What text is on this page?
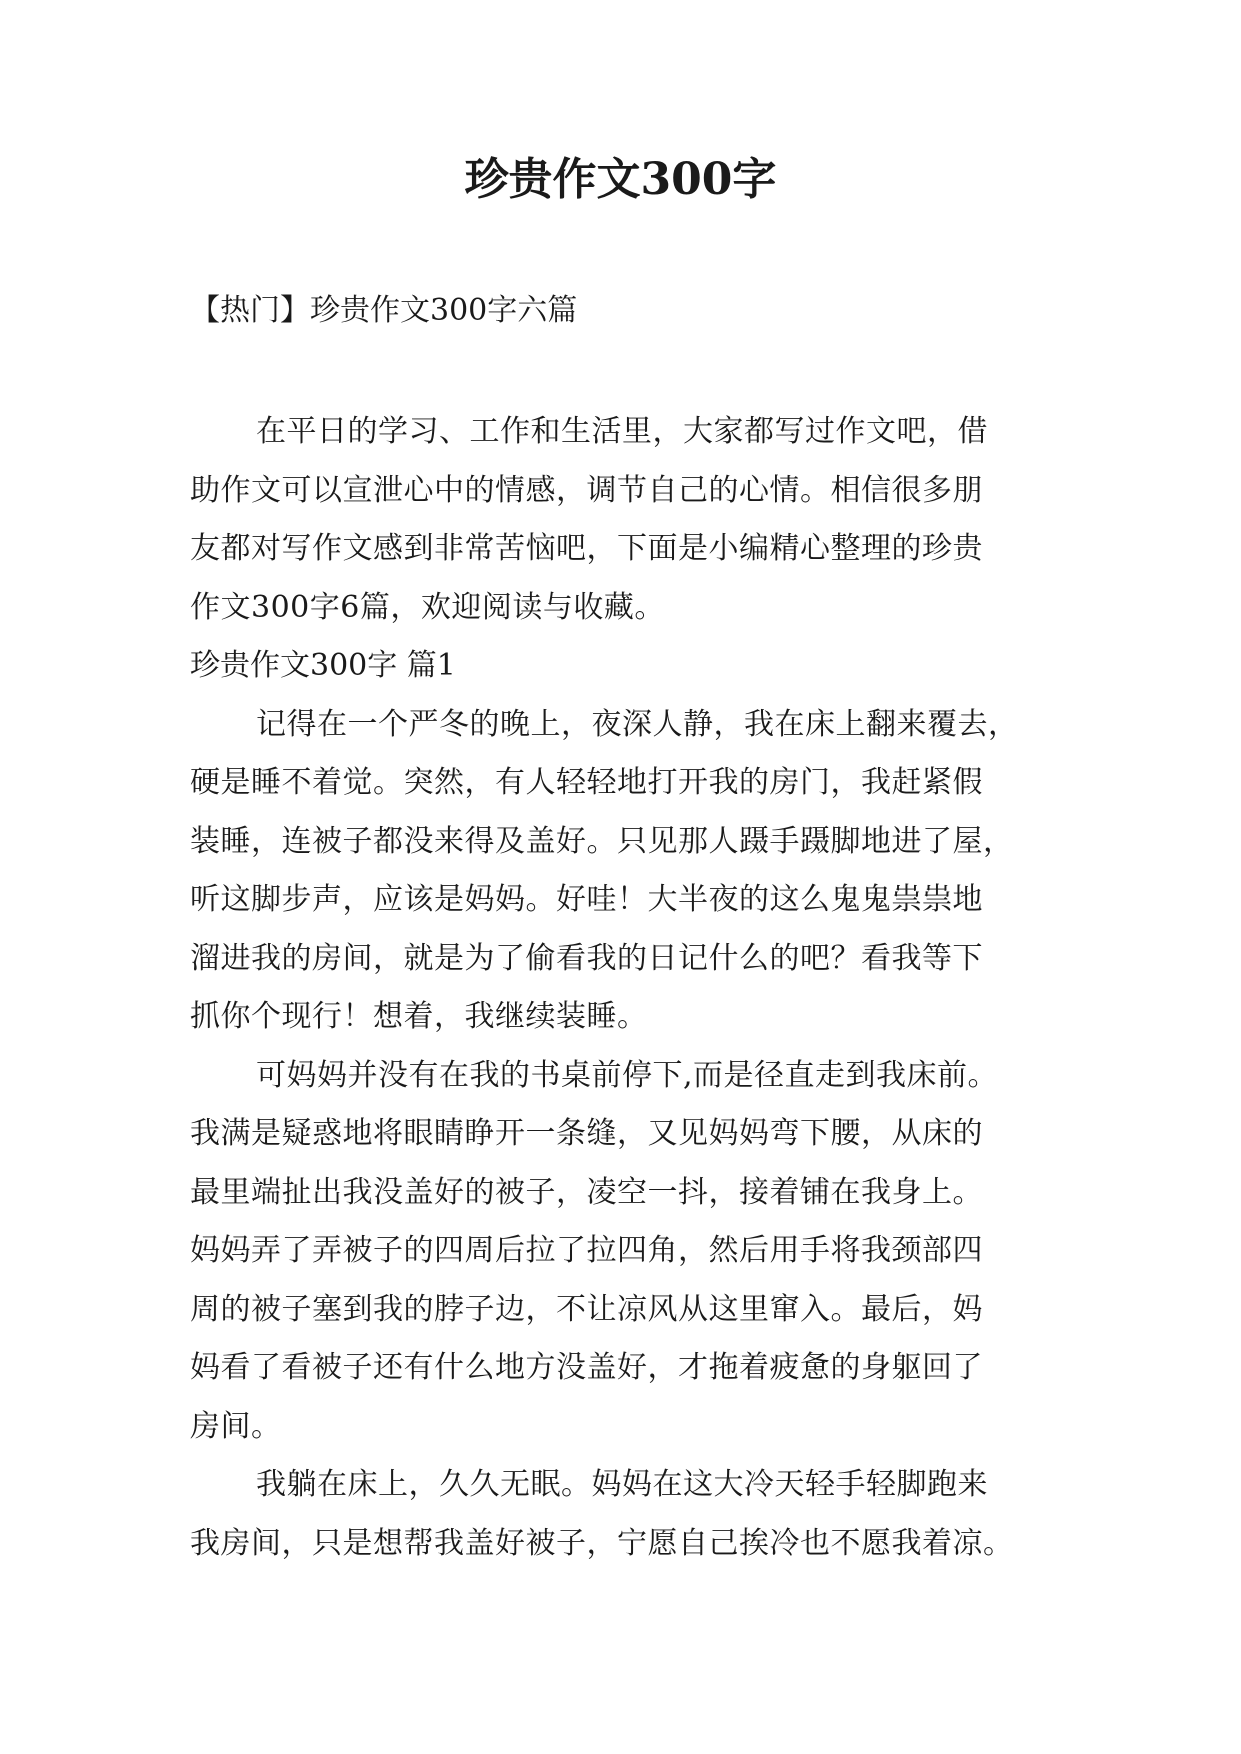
珍贵作文300字
【热门】珍贵作文300字六篇
在平日的学习、工作和生活里，大家都写过作文吧，借
助作文可以宣泄心中的情感，调节自己的心情。相信很多朋
友都对写作文感到非常苦恼吧，下面是小编精心整理的珍贵
作文300字6篇，欢迎阅读与收藏。
珍贵作文300字 篇1
记得在一个严冬的晚上，夜深人静，我在床上翻来覆去，
硬是睡不着觉。突然，有人轻轻地打开我的房门，我赶紧假
装睡，连被子都没来得及盖好。只见那人蹑手蹑脚地进了屋，
听这脚步声，应该是妈妈。好哇！大半夜的这么鬼鬼祟祟地
溜进我的房间，就是为了偷看我的日记什么的吧？看我等下
抓你个现行！想着，我继续装睡。
可妈妈并没有在我的书桌前停下,而是径直走到我床前。
我满是疑惑地将眼睛睁开一条缝，又见妈妈弯下腰，从床的
最里端扯出我没盖好的被子，凌空一抖，接着铺在我身上。
妈妈弄了弄被子的四周后拉了拉四角，然后用手将我颈部四
周的被子塞到我的脖子边，不让凉风从这里窜入。最后，妈
妈看了看被子还有什么地方没盖好，才拖着疲惫的身躯回了
房间。
我躺在床上，久久无眠。妈妈在这大冷天轻手轻脚跑来
我房间，只是想帮我盖好被子，宁愿自己挨冷也不愿我着凉。
